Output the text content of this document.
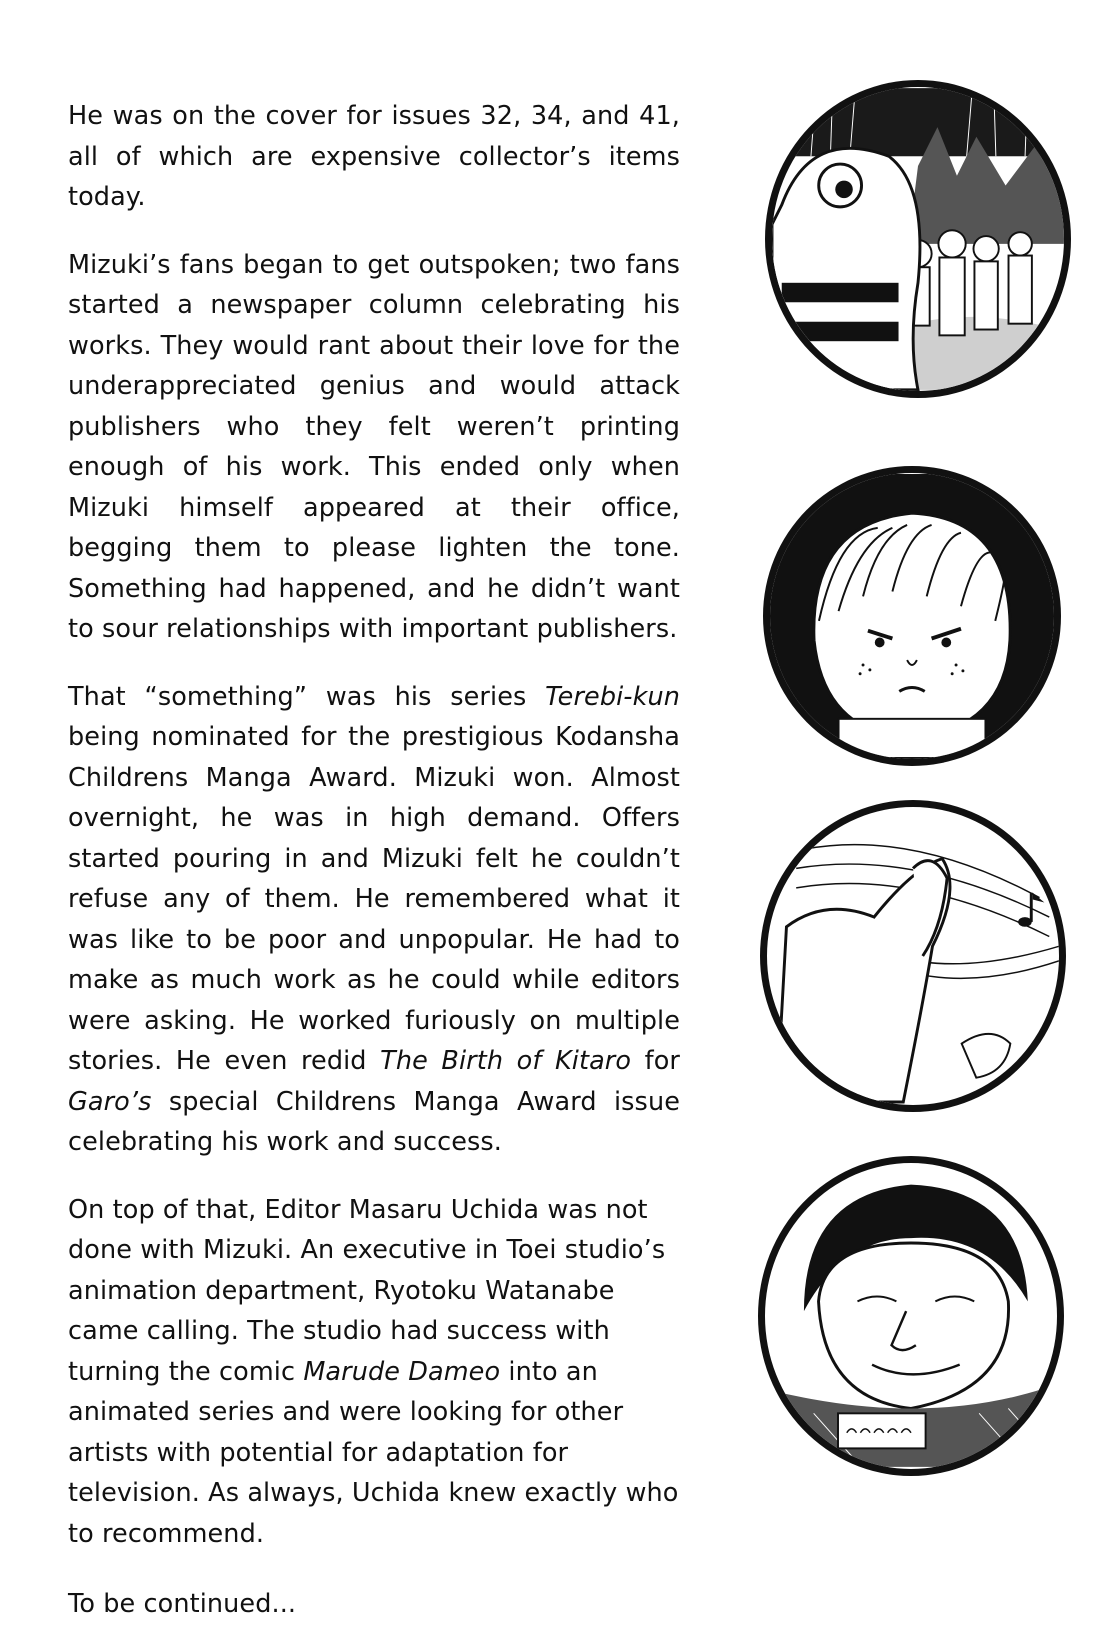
He was on the cover for issues 32, 34, and 41, all of which are expensive collector’s items today.

Mizuki’s fans began to get outspoken; two fans started a newspaper column celebrating his works. They would rant about their love for the underappreciated genius and would attack publishers who they felt weren’t printing enough of his work. This ended only when Mizuki himself appeared at their office, begging them to please lighten the tone. Something had happened, and he didn’t want to sour relationships with important publishers.

That “something” was his series Terebi-kun being nominated for the prestigious Kodansha Childrens Manga Award. Mizuki won. Almost overnight, he was in high demand. Offers started pouring in and Mizuki felt he couldn’t refuse any of them. He remembered what it was like to be poor and unpopular. He had to make as much work as he could while editors were asking. He worked furiously on multiple stories. He even redid The Birth of Kitaro for Garo’s special Childrens Manga Award issue celebrating his work and success.

On top of that, Editor Masaru Uchida was not done with Mizuki. An executive in Toei studio’s animation department, Ryotoku Watanabe came calling. The studio had success with turning the comic Marude Dameo into an animated series and were looking for other artists with potential for adaptation for television. As always, Uchida knew exactly who to recommend.

To be continued...
